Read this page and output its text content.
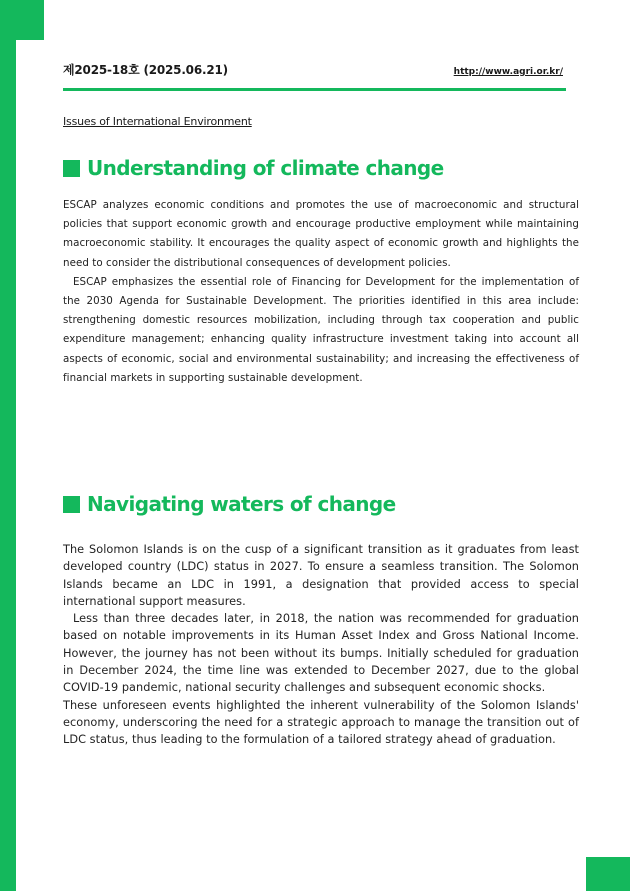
제2025-18호 (2025.06.21)	http://www.agri.or.kr/
Issues of International Environment
Understanding of climate change

ESCAP analyzes economic conditions and promotes the use of macroeconomic and structural policies that support economic growth and encourage productive employment while maintaining macroeconomic stability. It encourages the quality aspect of economic growth and highlights the need to consider the distributional consequences of development policies.

ESCAP emphasizes the essential role of Financing for Development for the implementation of the 2030 Agenda for Sustainable Development. The priorities identified in this area include: strengthening domestic resources mobilization, including through tax cooperation and public expenditure management; enhancing quality infrastructure investment taking into account all aspects of economic, social and environmental sustainability; and increasing the effectiveness of financial markets in supporting sustainable development.

Navigating waters of change

The Solomon Islands is on the cusp of a significant transition as it graduates from least developed country (LDC) status in 2027. To ensure a seamless transition. The Solomon Islands became an LDC in 1991, a designation that provided access to special international support measures.

Less than three decades later, in 2018, the nation was recommended for graduation based on notable improvements in its Human Asset Index and Gross National Income. However, the journey has not been without its bumps. Initially scheduled for graduation in December 2024, the time line was extended to December 2027, due to the global COVID-19 pandemic, national security challenges and subsequent economic shocks.

These unforeseen events highlighted the inherent vulnerability of the Solomon Islands' economy, underscoring the need for a strategic approach to manage the transition out of LDC status, thus leading to the formulation of a tailored strategy ahead of graduation.
